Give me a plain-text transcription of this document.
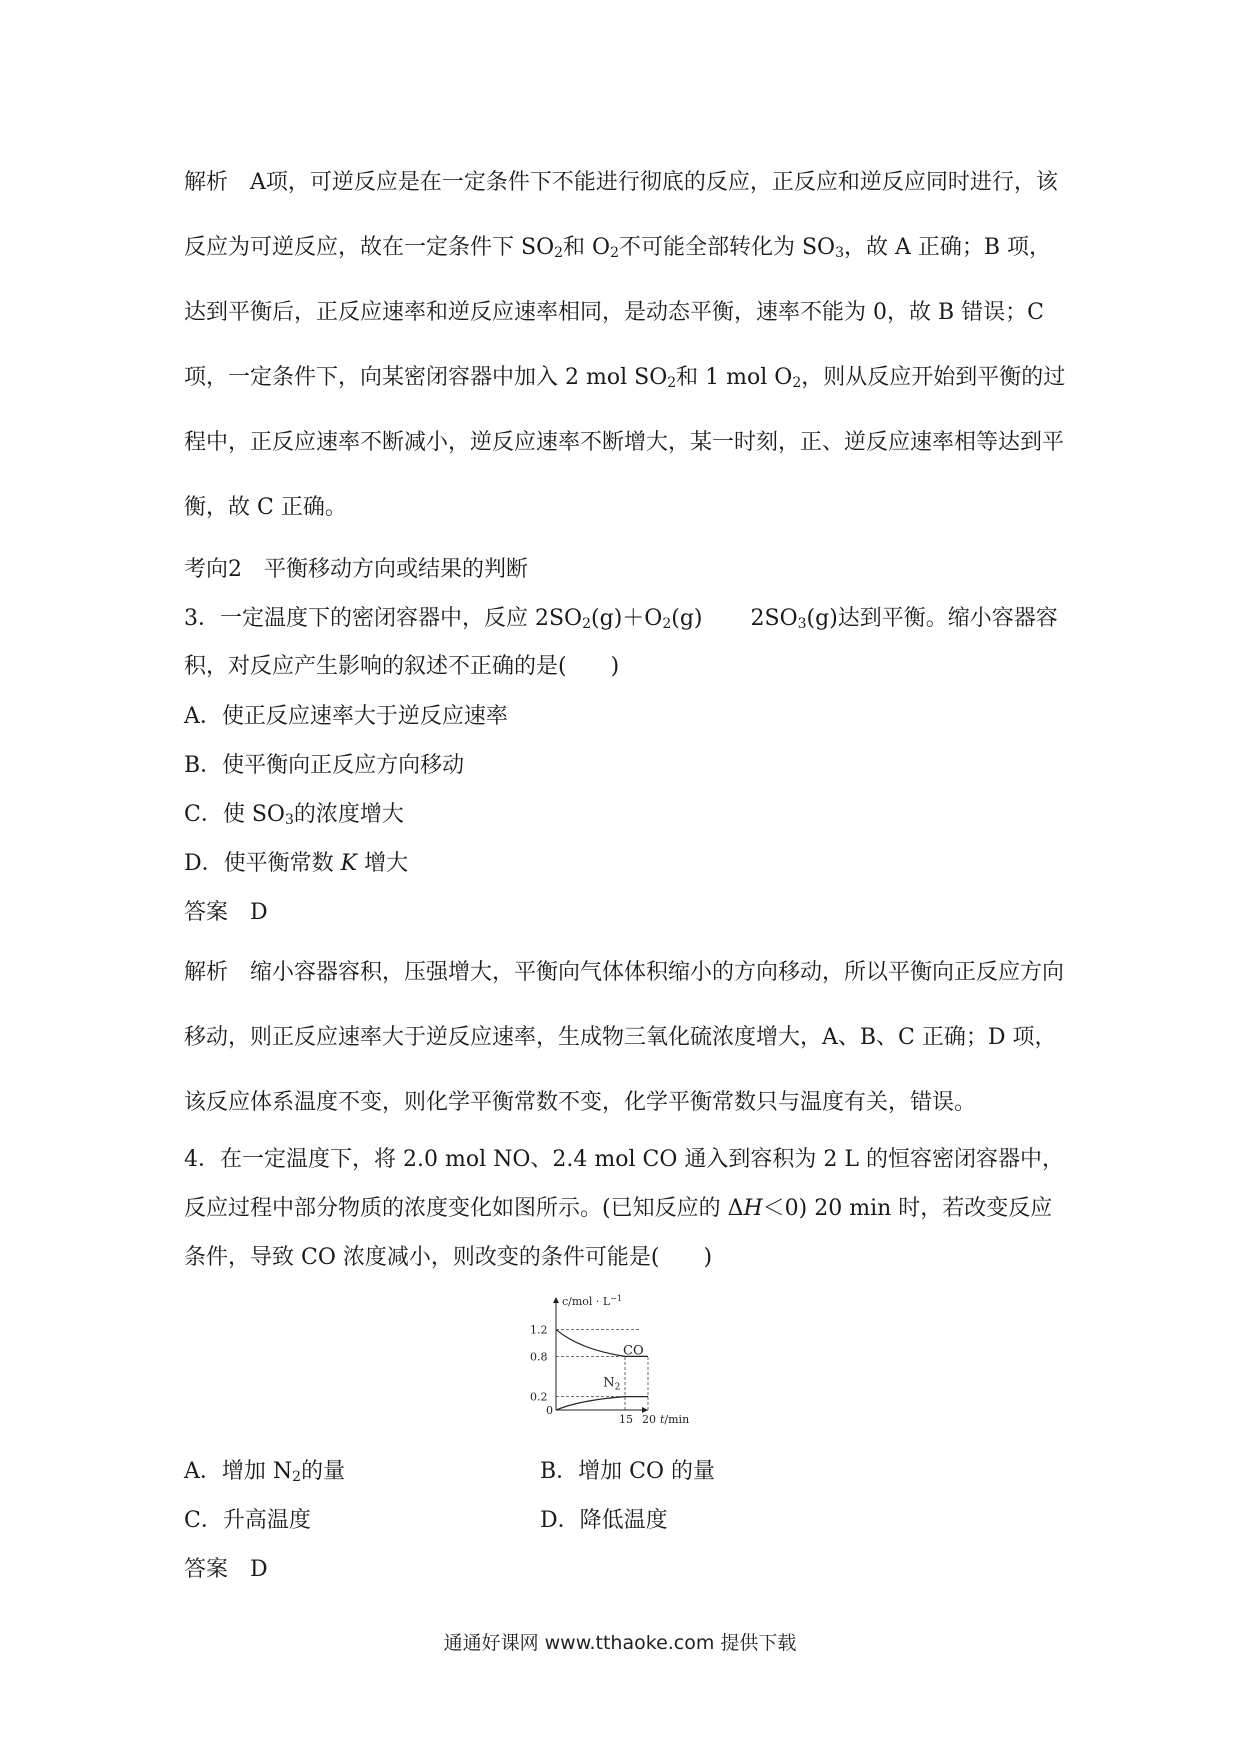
解析 A项，可逆反应是在一定条件下不能进行彻底的反应，正反应和逆反应同时进行，该反应为可逆反应，故在一定条件下 $SO_2$和 $O_2$不可能全部转化为 $SO_3$，故 A 正确；B 项，达到平衡后，正反应速率和逆反应速率相同，是动态平衡，速率不能为 0，故 B 错误；C 项，一定条件下，向某密闭容器中加入 2 mol $SO_2$和 1 mol $O_2$，则从反应开始到平衡的过程中，正反应速率不断减小，逆反应速率不断增大，某一时刻，正、逆反应速率相等达到平衡，故 C 正确。
考向2　平衡移动方向或结果的判断
3．一定温度下的密闭容器中，反应 $2SO_2(g)+O_2(g)$ $2SO_3(g)$达到平衡。缩小容器容积，对反应产生影响的叙述不正确的是(　　)
A．使正反应速率大于逆反应速率
B．使平衡向正反应方向移动
C．使 $SO_3$的浓度增大
D．使平衡常数 K 增大
答案 D
解析 缩小容器容积，压强增大，平衡向气体体积缩小的方向移动，所以平衡向正反应方向移动，则正反应速率大于逆反应速率，生成物三氧化硫浓度增大，A、B、C 正确；D 项，该反应体系温度不变，则化学平衡常数不变，化学平衡常数只与温度有关，错误。
4．在一定温度下，将 2.0 mol NO、2.4 mol CO 通入到容积为 2 L 的恒容密闭容器中，反应过程中部分物质的浓度变化如图所示。(已知反应的 ΔH＜0) 20 min 时，若改变反应条件，导致 CO 浓度减小，则改变的条件可能是(　　)
$c/mol \cdot L^{-1}$
0
1.2
0.8
0.2
15 20 t/min
CO
$N_2$
A．增加 $N_2$的量	B．增加 CO 的量
C．升高温度	D．降低温度
答案 D
通通好课网 www.tthaoke.com 提供下载
